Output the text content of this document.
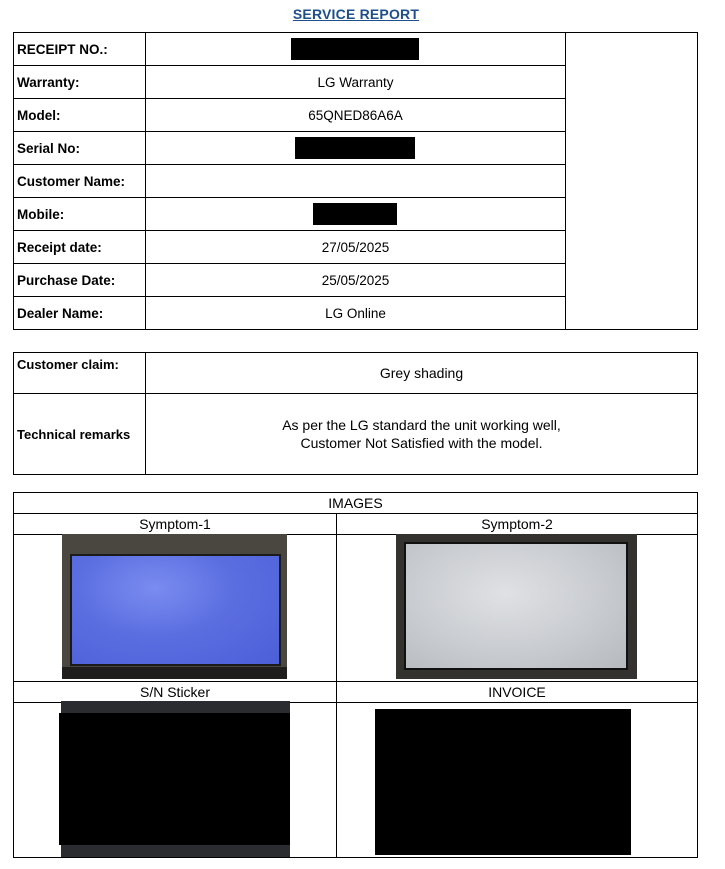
SERVICE REPORT
RECEIPT NO.:		
Warranty:	LG Warranty	
Model:	65QNED86A6A	
Serial No:		
Customer Name:		
Mobile:		
Receipt date:	27/05/2025	
Purchase Date:	25/05/2025	
Dealer Name:	LG Online	
Customer claim:	Grey shading
Technical remarks	As per the LG standard the unit working well,
Customer Not Satisfied with the model.
IMAGES	
Symptom-1	Symptom-2

S/N Sticker	INVOICE
